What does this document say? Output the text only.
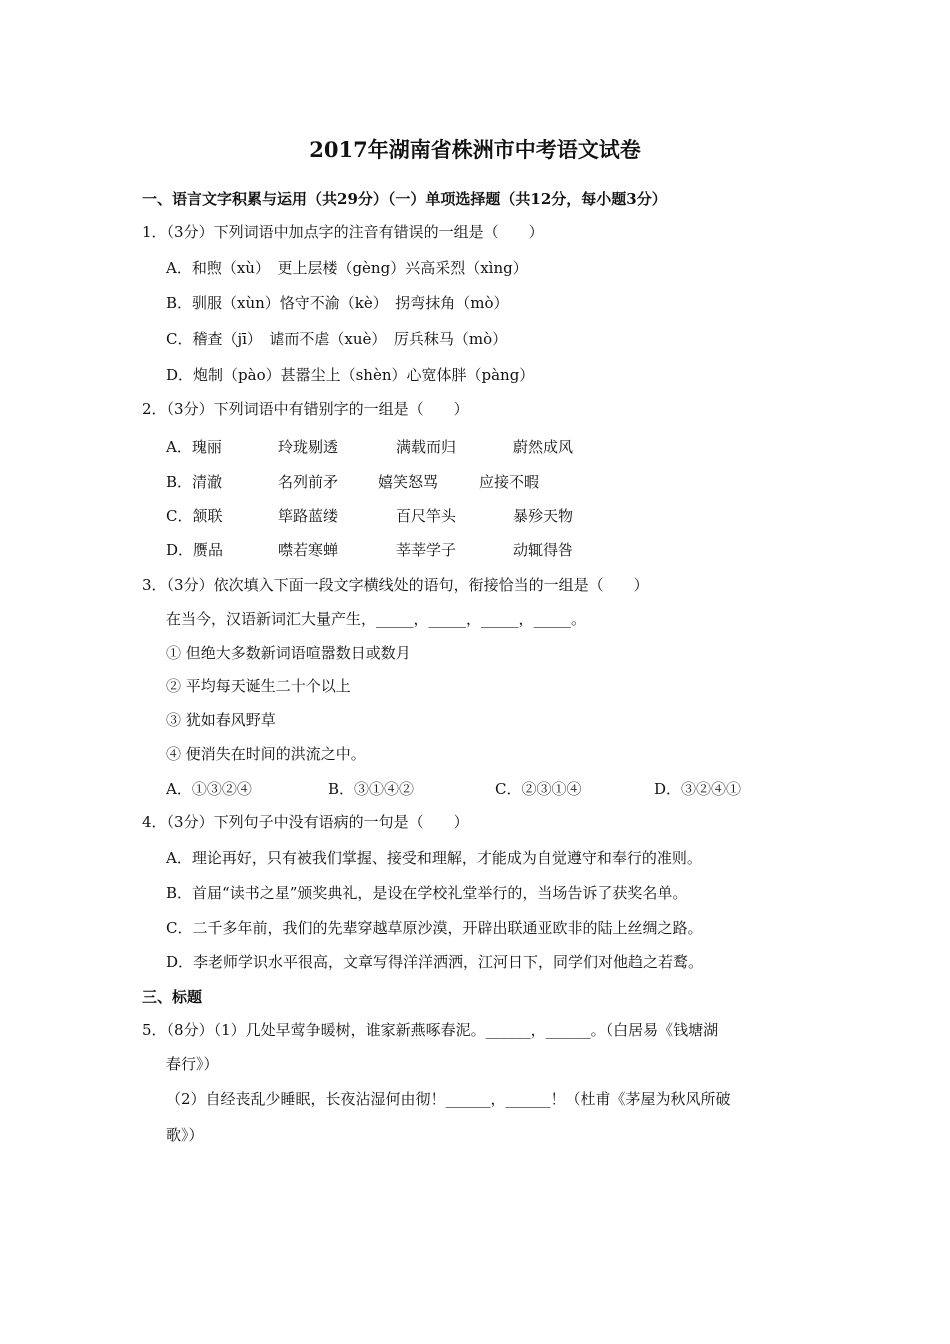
2017年湖南省株洲市中考语文试卷
一、语言文字积累与运用（共29分）（一）单项选择题（共12分，每小题3分）
1．（3分）下列词语中加点字的注音有错误的一组是（　　）
A．和煦（xù）　更上层楼（gèng）兴高采烈（xìng）
B．驯服（xùn）恪守不渝（kè）　拐弯抹角（mò）
C．稽查（jī）　谑而不虐（xuè）　厉兵秣马（mò）
D．炮制（pào）甚嚣尘上（shèn）心宽体胖（pàng）
2．（3分）下列词语中有错别字的一组是（　　）
A．瑰丽	玲珑剔透	满载而归	蔚然成风
B．清澈	名列前矛	嬉笑怒骂	应接不暇
C．颔联	筚路蓝缕	百尺竿头	暴殄天物
D．赝品	噤若寒蝉	莘莘学子	动辄得咎
3．（3分）依次填入下面一段文字横线处的语句，衔接恰当的一组是（　　）
在当今，汉语新词汇大量产生，_____，_____，_____，_____。
① 但绝大多数新词语喧嚣数日或数月
② 平均每天诞生二十个以上
③ 犹如春风野草
④ 便消失在时间的洪流之中。
A．①③②④	B．③①④②	C．②③①④	D．③②④①
4．（3分）下列句子中没有语病的一句是（　　）
A．理论再好，只有被我们掌握、接受和理解，才能成为自觉遵守和奉行的准则。
B．首届“读书之星”颁奖典礼，是设在学校礼堂举行的，当场告诉了获奖名单。
C．二千多年前，我们的先辈穿越草原沙漠，开辟出联通亚欧非的陆上丝绸之路。
D．李老师学识水平很高，文章写得洋洋洒洒，江河日下，同学们对他趋之若鹜。
三、标题
5．（8分）（1）几处早莺争暖树，谁家新燕啄春泥。______，______。（白居易《钱塘湖
春行》）
（2）自经丧乱少睡眠，长夜沾湿何由彻！______，______！（杜甫《茅屋为秋风所破
歌》）
